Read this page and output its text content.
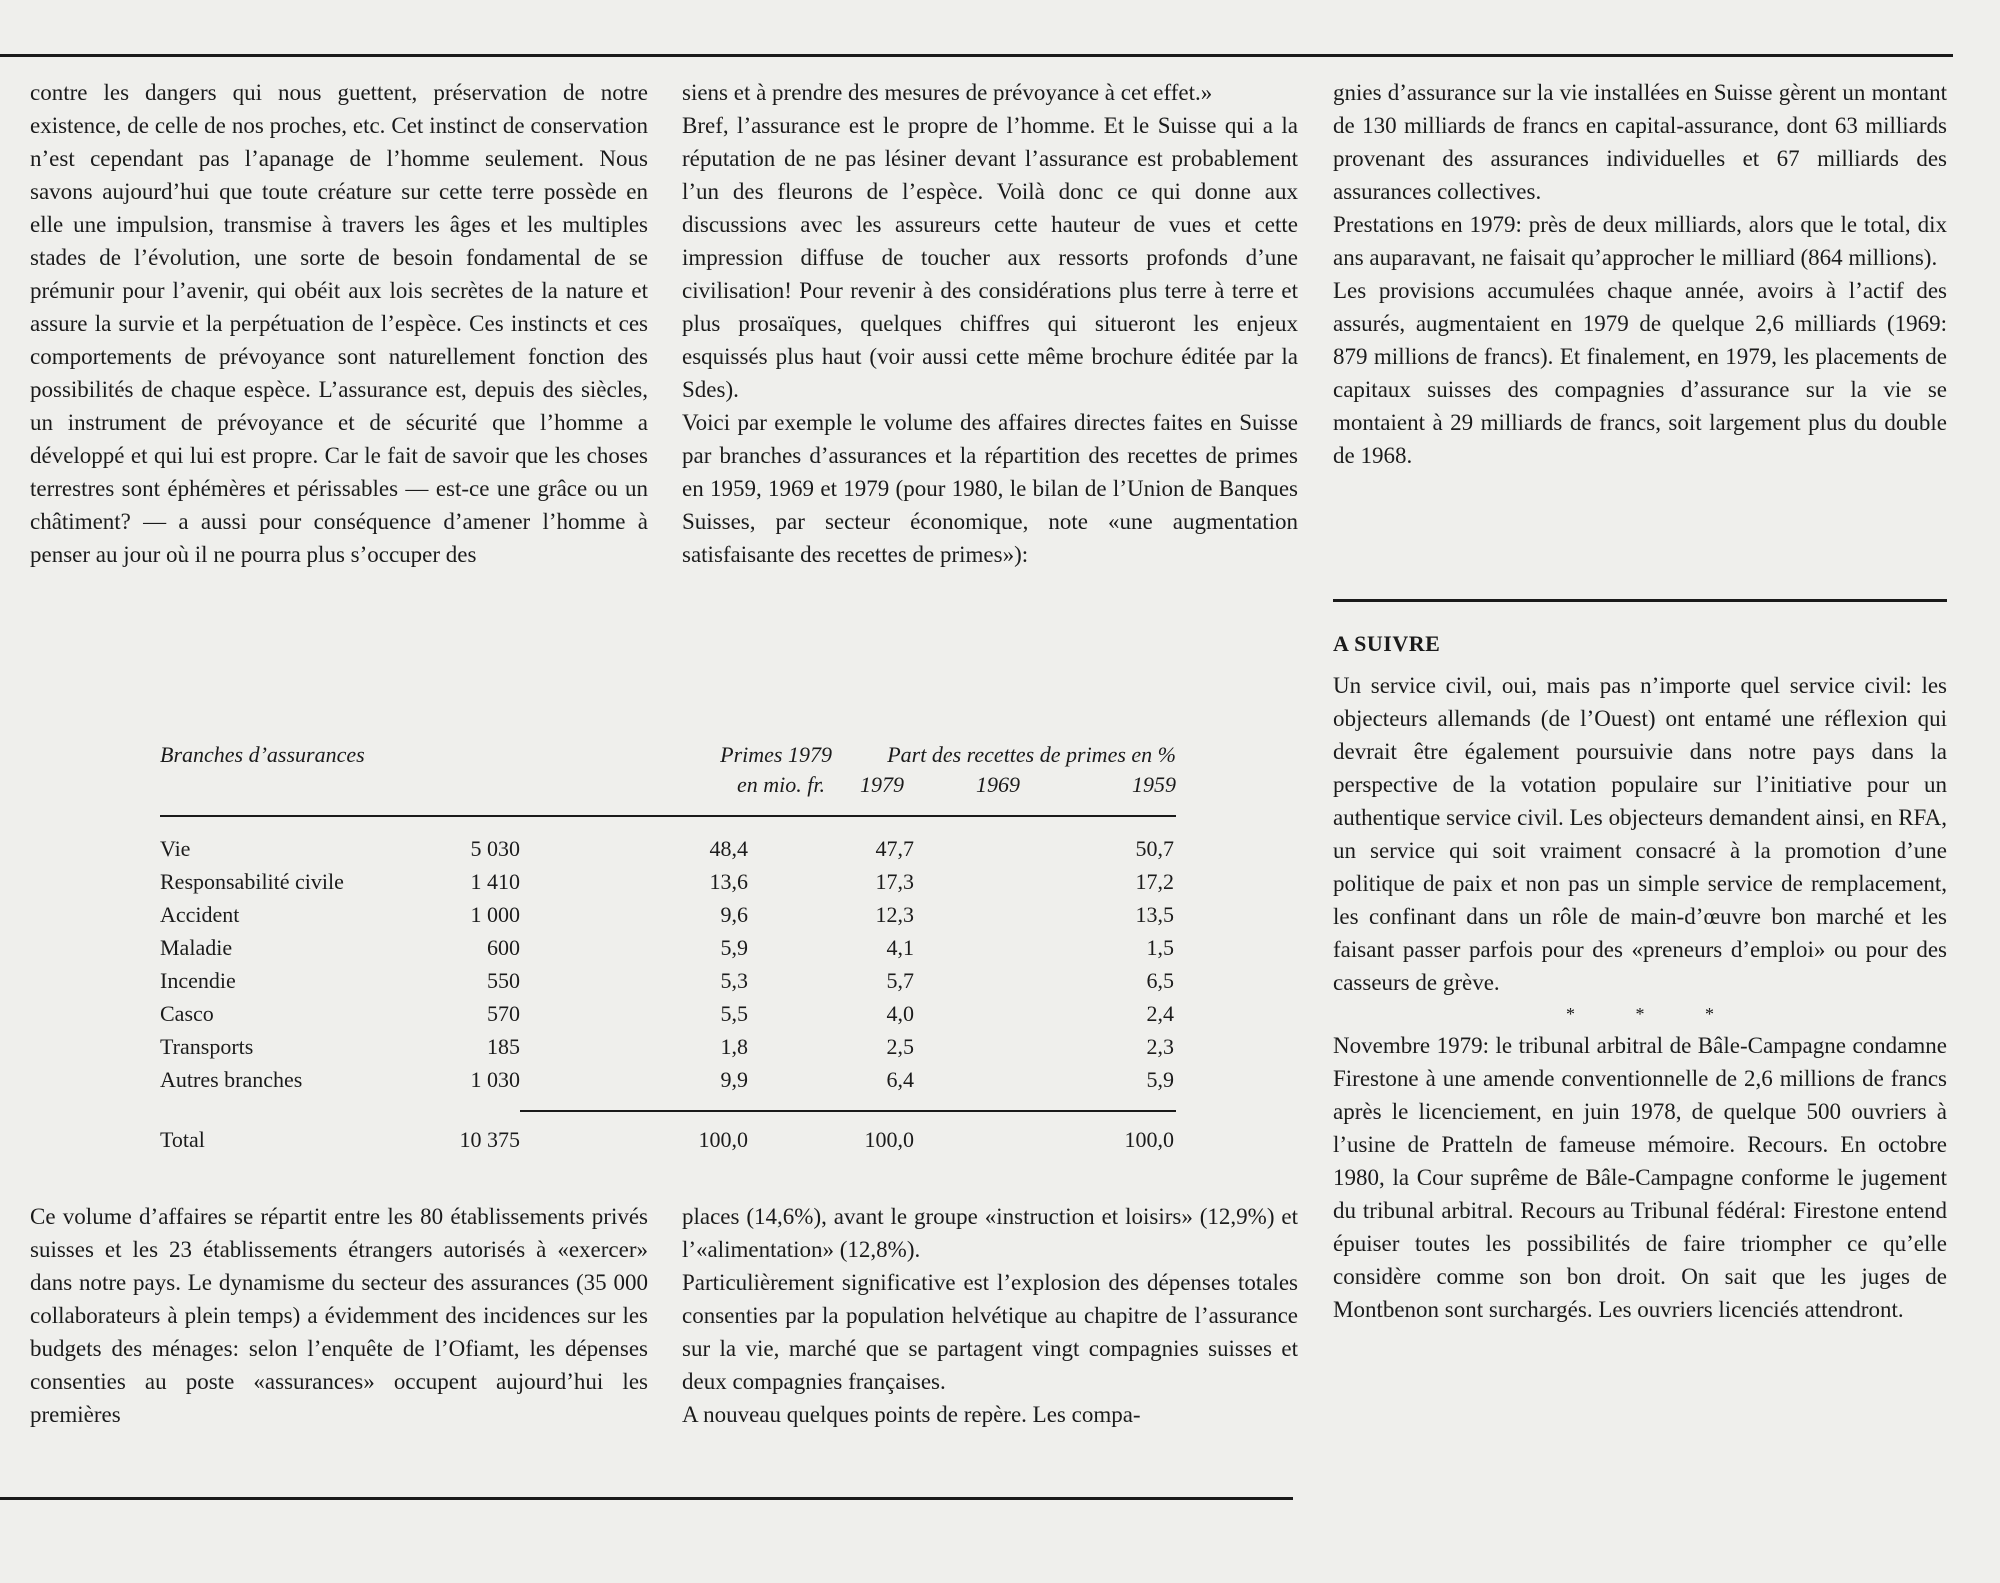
contre les dangers qui nous guettent, préservation de notre existence, de celle de nos proches, etc. Cet instinct de conservation n’est cependant pas l’apanage de l’homme seulement. Nous savons aujourd’hui que toute créature sur cette terre possède en elle une impulsion, transmise à travers les âges et les multiples stades de l’évolution, une sorte de besoin fondamental de se prémunir pour l’avenir, qui obéit aux lois secrètes de la nature et assure la survie et la perpétuation de l’espèce. Ces instincts et ces comportements de prévoyance sont naturellement fonction des possibilités de chaque espèce. L’assurance est, depuis des siècles, un instrument de prévoyance et de sécurité que l’homme a développé et qui lui est propre. Car le fait de savoir que les choses terrestres sont éphémères et périssables — est-ce une grâce ou un châtiment? — a aussi pour conséquence d’amener l’homme à penser au jour où il ne pourra plus s’occuper des

siens et à prendre des mesures de prévoyance à cet effet.»

Bref, l’assurance est le propre de l’homme. Et le Suisse qui a la réputation de ne pas lésiner devant l’assurance est probablement l’un des fleurons de l’espèce. Voilà donc ce qui donne aux discussions avec les assureurs cette hauteur de vues et cette impression diffuse de toucher aux ressorts profonds d’une civilisation! Pour revenir à des considérations plus terre à terre et plus prosaïques, quelques chiffres qui situeront les enjeux esquissés plus haut (voir aussi cette même brochure éditée par la Sdes).

Voici par exemple le volume des affaires directes faites en Suisse par branches d’assurances et la répartition des recettes de primes en 1959, 1969 et 1979 (pour 1980, le bilan de l’Union de Banques Suisses, par secteur économique, note «une augmentation satisfaisante des recettes de primes»):

gnies d’assurance sur la vie installées en Suisse gèrent un montant de 130 milliards de francs en capital-assurance, dont 63 milliards provenant des assurances individuelles et 67 milliards des assurances collectives.

Prestations en 1979: près de deux milliards, alors que le total, dix ans auparavant, ne faisait qu’approcher le milliard (864 millions).

Les provisions accumulées chaque année, avoirs à l’actif des assurés, augmentaient en 1979 de quelque 2,6 milliards (1969: 879 millions de francs). Et finalement, en 1979, les placements de capitaux suisses des compagnies d’assurance sur la vie se montaient à 29 milliards de francs, soit largement plus du double de 1968.

Branches d’assurances	Primes 1979
en mio. fr.
Part des recettes de primes en %
1979	1969	1959
Vie	5 030	48,4	47,7	50,7
Responsabilité civile	1 410	13,6	17,3	17,2
Accident	1 000	9,6	12,3	13,5
Maladie	600	5,9	4,1	1,5
Incendie	550	5,3	5,7	6,5
Casco	570	5,5	4,0	2,4
Transports	185	1,8	2,5	2,3
Autres branches	1 030	9,9	6,4	5,9
Total	10 375	100,0	100,0	100,0

Ce volume d’affaires se répartit entre les 80 établissements privés suisses et les 23 établissements étrangers autorisés à «exercer» dans notre pays. Le dynamisme du secteur des assurances (35 000 collaborateurs à plein temps) a évidemment des incidences sur les budgets des ménages: selon l’enquête de l’Ofiamt, les dépenses consenties au poste «assurances» occupent aujourd’hui les premières

places (14,6%), avant le groupe «instruction et loisirs» (12,9%) et l’«alimentation» (12,8%).

Particulièrement significative est l’explosion des dépenses totales consenties par la population helvétique au chapitre de l’assurance sur la vie, marché que se partagent vingt compagnies suisses et deux compagnies françaises.

A nouveau quelques points de repère. Les compa-

A SUIVRE

Un service civil, oui, mais pas n’importe quel service civil: les objecteurs allemands (de l’Ouest) ont entamé une réflexion qui devrait être également poursuivie dans notre pays dans la perspective de la votation populaire sur l’initiative pour un authentique service civil. Les objecteurs demandent ainsi, en RFA, un service qui soit vraiment consacré à la promotion d’une politique de paix et non pas un simple service de remplacement, les confinant dans un rôle de main-d’œuvre bon marché et les faisant passer parfois pour des «preneurs d’emploi» ou pour des casseurs de grève.

* * *

Novembre 1979: le tribunal arbitral de Bâle-Campagne condamne Firestone à une amende conventionnelle de 2,6 millions de francs après le licenciement, en juin 1978, de quelque 500 ouvriers à l’usine de Pratteln de fameuse mémoire. Recours. En octobre 1980, la Cour suprême de Bâle-Campagne conforme le jugement du tribunal arbitral. Recours au Tribunal fédéral: Firestone entend épuiser toutes les possibilités de faire triompher ce qu’elle considère comme son bon droit. On sait que les juges de Montbenon sont surchargés. Les ouvriers licenciés attendront.
